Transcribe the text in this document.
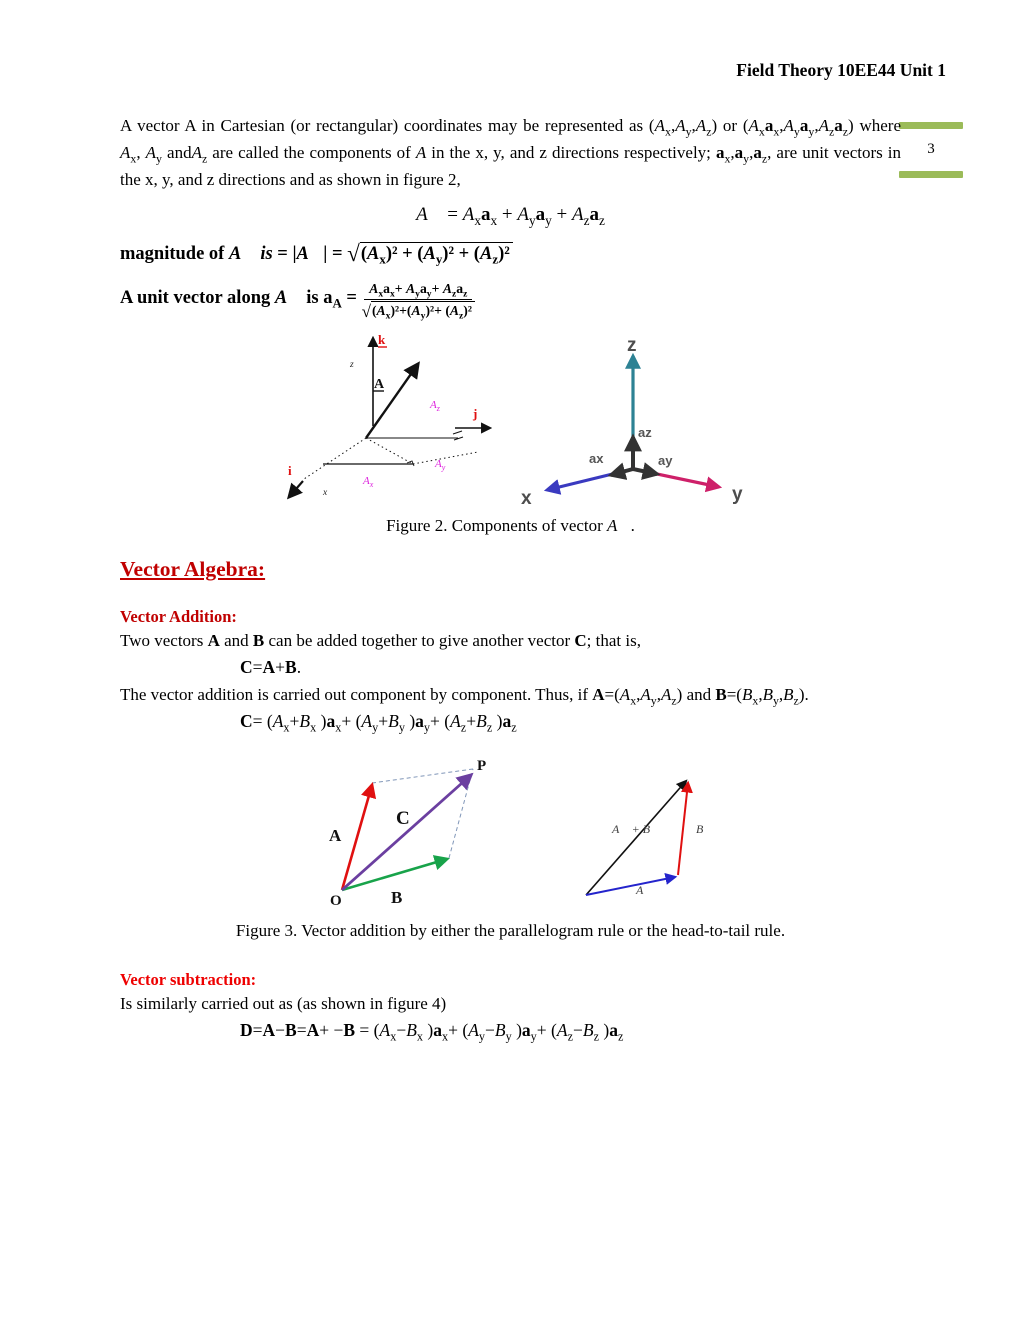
Field Theory 10EE44 Unit 1
3

A vector A in Cartesian (or rectangular) coordinates may be represented as $(A_x,A_y,A_z)$ or $(A_xa_x,A_ya_y,A_za_z)$ where $A_x$, $A_y$ andA$_z$ are called the components of A in the x, y, and z directions respectively; $a_x,a_y,a_z$, are unit vectors in the x, y, and z directions and as shown in figure 2,

A⃗ = $A_xa_x + A_ya_y + A_za_z$
magnitude of A⃗ is = |A⃗| = $√(A_x)^2 + (A_y)^2 + (A_z)^2$
A unit vector along A⃗ is $a_A = \frac{A_xa_x+ A_ya_y+ A_za_z}{√(A_x)^2+(A_y)^2+ (A_z)^2}$
k
z
A
j
i
x
$A_z$
$A_y$
$A_x$
z
x	y
az
ax	ay

Figure 2. Components of vector A⃗.

Vector Algebra:
Vector Addition:

Two vectors A and B can be added together to give another vector C; that is,

C=A+B.

The vector addition is carried out component by component. Thus, if $A=(A_x,A_y,A_z)$ and $B=(B_x,B_y,B_z)$.

$C= (A_x+B_x$ )$a_x+ (A_y+B_y$ )$a_y+ (A_z+B_z$ )$a_z$

A
B
C
O
P
A⃗ + B⃗
A⃗
B⃗

Figure 3. Vector addition by either the parallelogram rule or the head-to-tail rule.

Vector subtraction:

Is similarly carried out as (as shown in figure 4)

$D=A-B=A+ -B = (A_x-B_x$ )$a_x+ (A_y-B_y$ )$a_y+ (A_z-B_z$ )$a_z$
